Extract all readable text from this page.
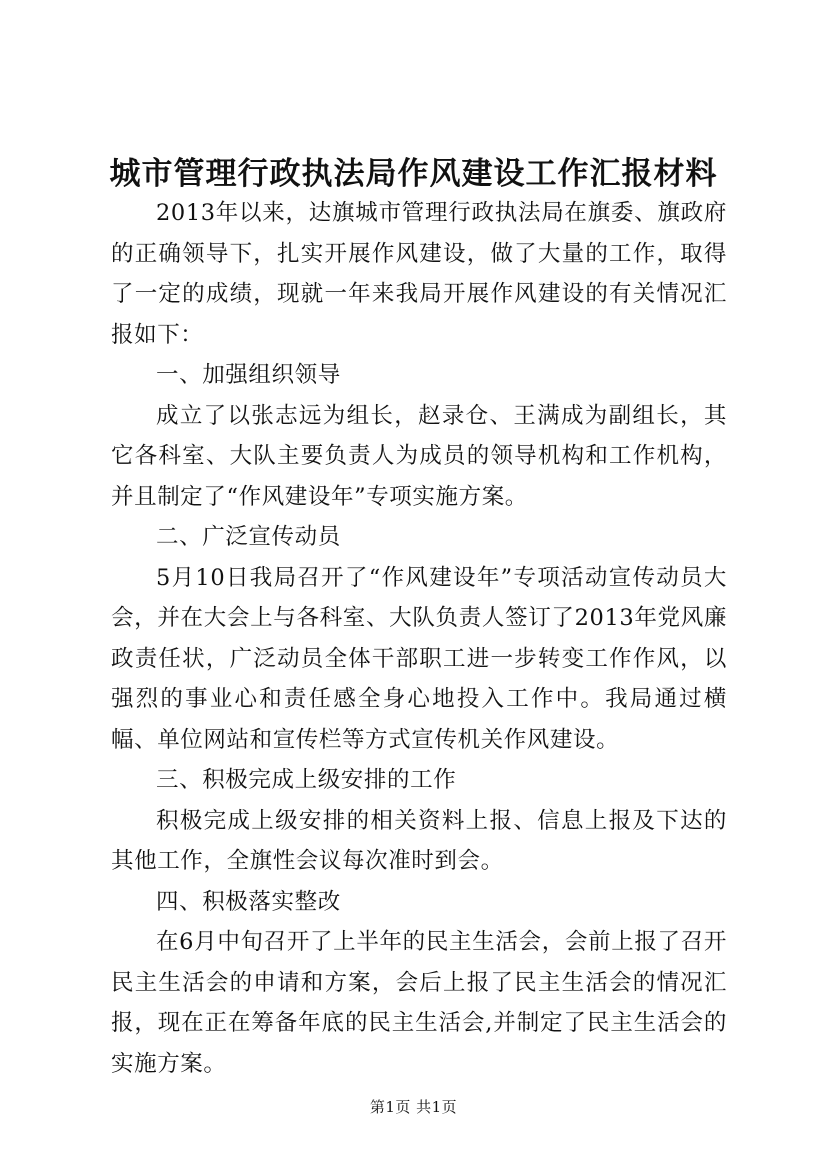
城市管理行政执法局作风建设工作汇报材料

2013年以来，达旗城市管理行政执法局在旗委、旗政府的正确领导下，扎实开展作风建设，做了大量的工作，取得了一定的成绩，现就一年来我局开展作风建设的有关情况汇报如下：

一、加强组织领导

成立了以张志远为组长，赵录仓、王满成为副组长，其它各科室、大队主要负责人为成员的领导机构和工作机构，并且制定了“作风建设年”专项实施方案。

二、广泛宣传动员

5月10日我局召开了“作风建设年”专项活动宣传动员大会，并在大会上与各科室、大队负责人签订了2013年党风廉政责任状，广泛动员全体干部职工进一步转变工作作风，以强烈的事业心和责任感全身心地投入工作中。我局通过横幅、单位网站和宣传栏等方式宣传机关作风建设。

三、积极完成上级安排的工作

积极完成上级安排的相关资料上报、信息上报及下达的其他工作，全旗性会议每次准时到会。

四、积极落实整改

在6月中旬召开了上半年的民主生活会，会前上报了召开民主生活会的申请和方案，会后上报了民主生活会的情况汇报，现在正在筹备年底的民主生活会,并制定了民主生活会的实施方案。

第1页 共1页
